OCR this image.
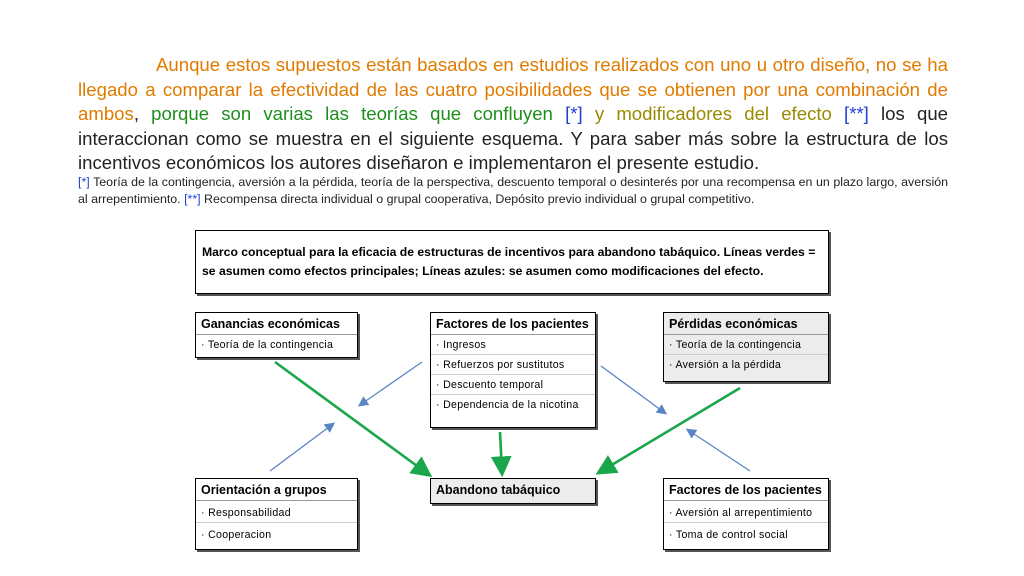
Aunque estos supuestos están basados en estudios realizados con uno u otro diseño, no se ha llegado a comparar la efectividad de las cuatro posibilidades que se obtienen por una combinación de ambos, porque son varias las teorías que confluyen [*] y modificadores del efecto [**] los que interaccionan como se muestra en el siguiente esquema. Y para saber más sobre la estructura de los incentivos económicos los autores diseñaron e implementaron el presente estudio.
[*] Teoría de la contingencia, aversión a la pérdida, teoría de la perspectiva, descuento temporal o desinterés por una recompensa en un plazo largo, aversión al arrepentimiento. [**] Recompensa directa individual o grupal cooperativa, Depósito previo individual o grupal competitivo.
Marco conceptual para la eficacia de estructuras de incentivos para abandono tabáquico. Líneas verdes = se asumen como efectos principales; Líneas azules: se asumen como modificaciones del efecto.
Ganancias económicas
· Teoría de la contingencia
Factores de los pacientes
· Ingresos
· Refuerzos por sustitutos
· Descuento temporal
· Dependencia de la nicotina
Pérdidas económicas
· Teoría de la contingencia
· Aversión a la pérdida
Orientación a grupos
· Responsabilidad
· Cooperacion
Abandono tabáquico	Factores de los pacientes
· Aversión al arrepentimiento
· Toma de control social
